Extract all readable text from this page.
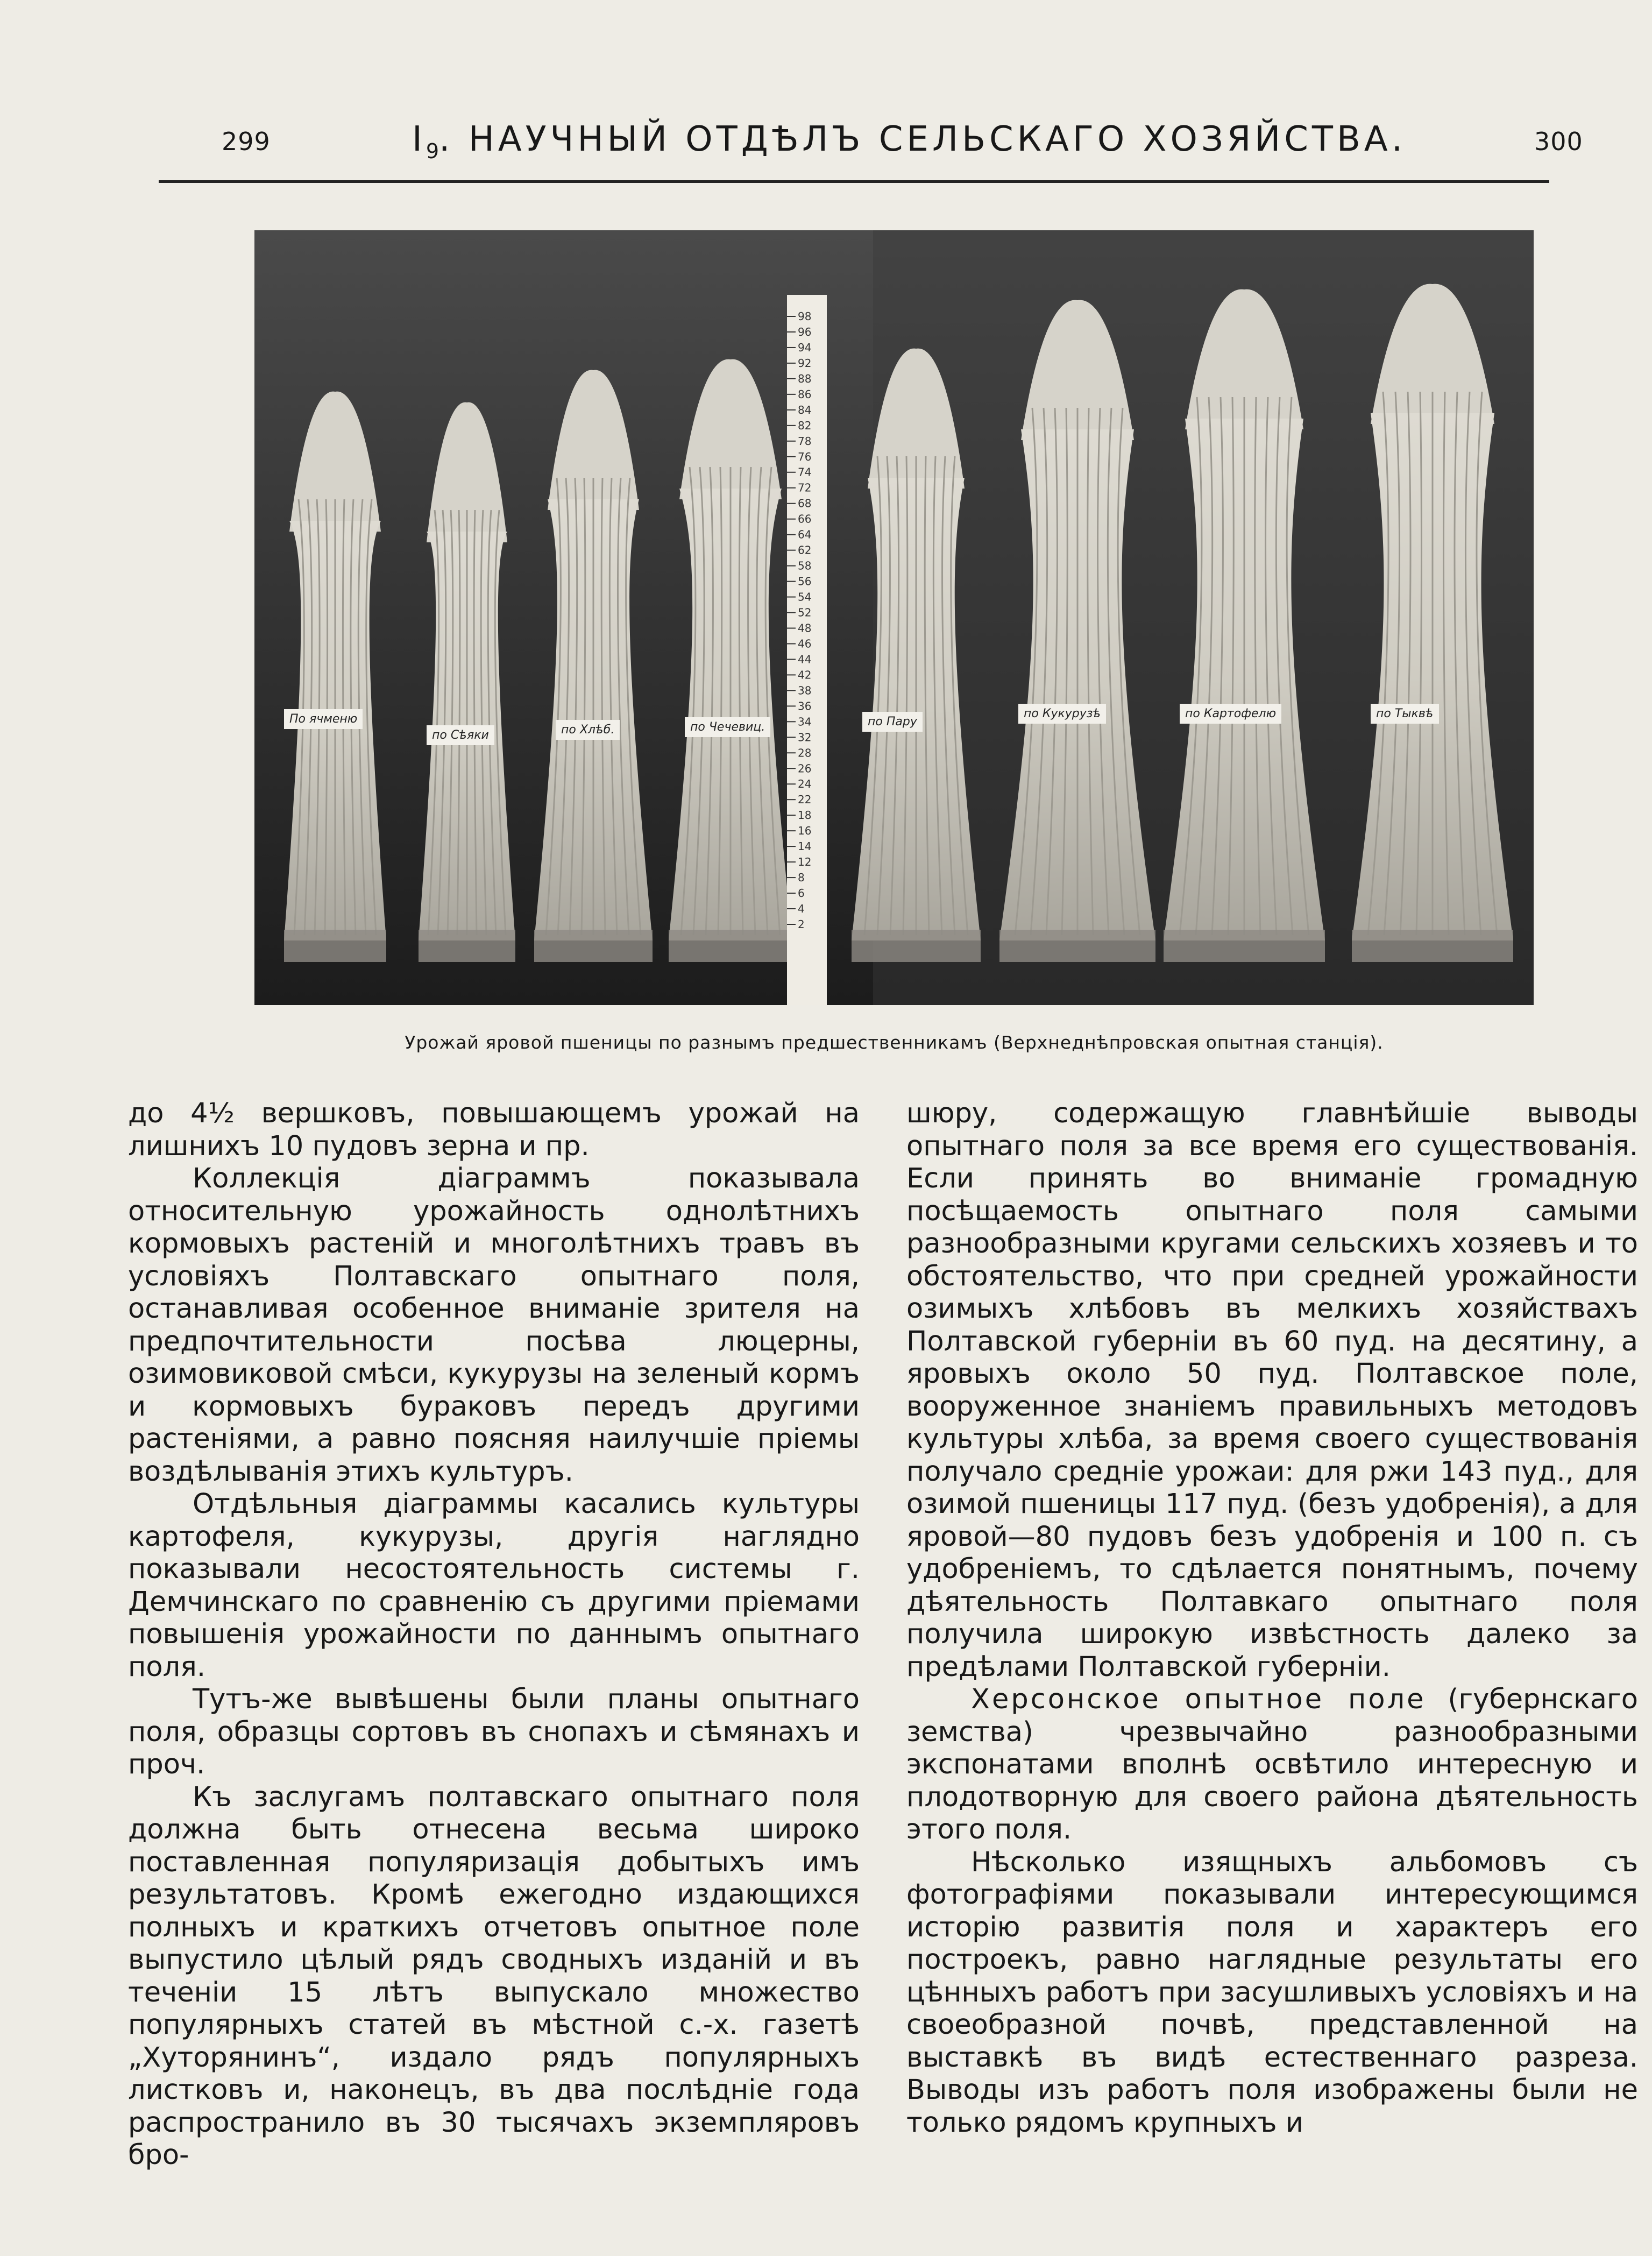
299	$I_9$. НАУЧНЫЙ ОТДѢЛЪ СЕЛЬСКАГО ХОЗЯЙСТВА.	300
98
96
94
92
88
86
84
82
78
76
74
72
68
66
64
62
58
56
54
52
48
46
44
42
38
36
34
32
28
26
24
22
18
16
14
12
8
6
4
2
По ячменю
по Сѣяки	по Хлѣб.	по Чечевиц.	по Пару
по Кукурузѣ	по Картофелю	по Тыквѣ
Урожай яровой пшеницы по разнымъ предшественникамъ (Верхнеднѣпровская опытная станція).

до 4½ вершковъ, повышающемъ урожай на лишнихъ 10 пудовъ зерна и пр.

Коллекція діаграммъ показывала относительную урожайность однолѣтнихъ кормовыхъ растеній и многолѣтнихъ травъ въ условіяхъ Полтавскаго опытнаго поля, останавливая особенное вниманіе зрителя на предпочтительности посѣва люцерны, озимовиковой смѣси, кукурузы на зеленый кормъ и кормовыхъ бураковъ передъ другими растеніями, а равно поясняя наилучшіе пріемы воздѣлыванія этихъ культуръ.

Отдѣльныя діаграммы касались культуры картофеля, кукурузы, другія наглядно показывали несостоятельность системы г. Демчинскаго по сравненію съ другими пріемами повышенія урожайности по даннымъ опытнаго поля.

Тутъ-же вывѣшены были планы опытнаго поля, образцы сортовъ въ снопахъ и сѣмянахъ и проч.

Къ заслугамъ полтавскаго опытнаго поля должна быть отнесена весьма широко поставленная популяризація добытыхъ имъ результатовъ. Кромѣ ежегодно издающихся полныхъ и краткихъ отчетовъ опытное поле выпустило цѣлый рядъ сводныхъ изданій и въ теченіи 15 лѣтъ выпускало множество популярныхъ статей въ мѣстной с.-х. газетѣ „Хуторянинъ“, издало рядъ популярныхъ листковъ и, наконецъ, въ два послѣдніе года распространило въ 30 тысячахъ экземпляровъ бро-

шюру, содержащую главнѣйшіе выводы опытнаго поля за все время его существованія. Если принять во вниманіе громадную посѣщаемость опытнаго поля самыми разнообразными кругами сельскихъ хозяевъ и то обстоятельство, что при средней урожайности озимыхъ хлѣбовъ въ мелкихъ хозяйствахъ Полтавской губерніи въ 60 пуд. на десятину, а яровыхъ около 50 пуд. Полтавское поле, вооруженное знаніемъ правильныхъ методовъ культуры хлѣба, за время своего существованія получало средніе урожаи: для ржи 143 пуд., для озимой пшеницы 117 пуд. (безъ удобренія), а для яровой—80 пудовъ безъ удобренія и 100 п. съ удобреніемъ, то сдѣлается понятнымъ, почему дѣятельность Полтавкаго опытнаго поля получила широкую извѣстность далеко за предѣлами Полтавской губерніи.

Херсонское опытное поле (губернскаго земства) чрезвычайно разнообразными экспонатами вполнѣ освѣтило интересную и плодотворную для своего района дѣятельность этого поля.

Нѣсколько изящныхъ альбомовъ съ фотографіями показывали интересующимся исторію развитія поля и характеръ его построекъ, равно наглядные результаты его цѣнныхъ работъ при засушливыхъ условіяхъ и на своеобразной почвѣ, представленной на выставкѣ въ видѣ естественнаго разреза. Выводы изъ работъ поля изображены были не только рядомъ крупныхъ и
